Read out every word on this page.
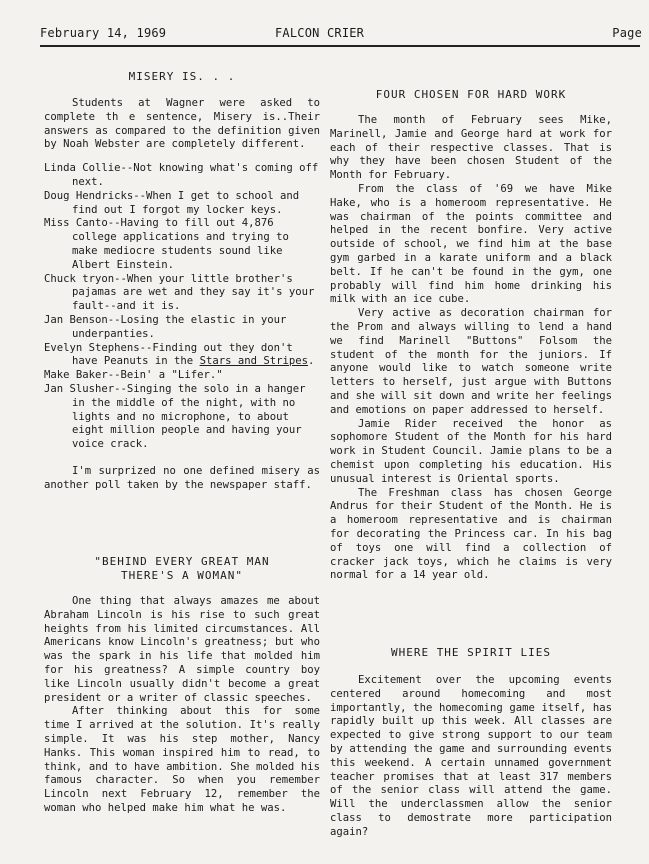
February 14, 1969	FALCON CRIER	Page
MISERY IS. . .

Students at Wagner were asked to complete th e sentence, Misery is..Their answers as compared to the definition given by Noah Webster are completely different.

Linda Collie--Not knowing what's coming off next.

Doug Hendricks--When I get to school and find out I forgot my locker keys.

Miss Canto--Having to fill out 4,876 college applications and trying to make mediocre students sound like Albert Einstein.

Chuck tryon--When your little brother's pajamas are wet and they say it's your fault--and it is.

Jan Benson--Losing the elastic in your underpanties.

Evelyn Stephens--Finding out they don't have Peanuts in the Stars and Stripes.

Make Baker--Bein' a "Lifer."

Jan Slusher--Singing the solo in a hanger in the middle of the night, with no lights and no microphone, to about eight million people and having your voice crack.

I'm surprized no one defined misery as another poll taken by the newspaper staff.

"BEHIND EVERY GREAT MAN
THERE'S A WOMAN"

One thing that always amazes me about Abraham Lincoln is his rise to such great heights from his limited circumstances. All Americans know Lincoln's greatness; but who was the spark in his life that molded him for his greatness? A simple country boy like Lincoln usually didn't become a great president or a writer of classic speeches.

After thinking about this for some time I arrived at the solution. It's really simple. It was his step mother, Nancy Hanks. This woman inspired him to read, to think, and to have ambition. She molded his famous character. So when you remember Lincoln next February 12, remember the woman who helped make him what he was.

FOUR CHOSEN FOR HARD WORK

The month of February sees Mike, Marinell, Jamie and George hard at work for each of their respective classes. That is why they have been chosen Student of the Month for February.

From the class of '69 we have Mike Hake, who is a homeroom representative. He was chairman of the points committee and helped in the recent bonfire. Very active outside of school, we find him at the base gym garbed in a karate uniform and a black belt. If he can't be found in the gym, one probably will find him home drinking his milk with an ice cube.

Very active as decoration chairman for the Prom and always willing to lend a hand we find Marinell "Buttons" Folsom the student of the month for the juniors. If anyone would like to watch someone write letters to herself, just argue with Buttons and she will sit down and write her feelings and emotions on paper addressed to herself.

Jamie Rider received the honor as sophomore Student of the Month for his hard work in Student Council. Jamie plans to be a chemist upon completing his education. His unusual interest is Oriental sports.

The Freshman class has chosen George Andrus for their Student of the Month. He is a homeroom representative and is chairman for decorating the Princess car. In his bag of toys one will find a collection of cracker jack toys, which he claims is very normal for a 14 year old.

WHERE THE SPIRIT LIES

Excitement over the upcoming events centered around homecoming and most importantly, the homecoming game itself, has rapidly built up this week. All classes are expected to give strong support to our team by attending the game and surrounding events this weekend. A certain unnamed government teacher promises that at least 317 members of the senior class will attend the game. Will the underclassmen allow the senior class to demostrate more participation again?
